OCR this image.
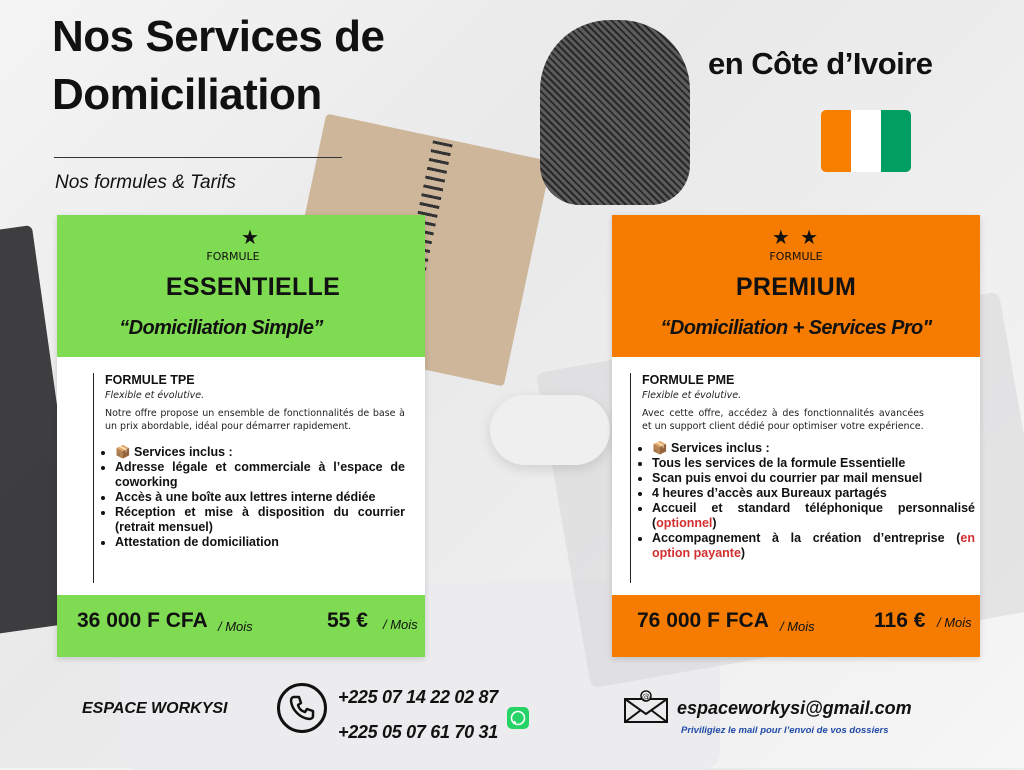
Nos Services de
Domiciliation
Nos formules & Tarifs
en Côte d’Ivoire
★
FORMULE
ESSENTIELLE
“Domiciliation Simple”

FORMULE TPE

Flexible et évolutive.

Notre offre propose un ensemble de fonctionnalités de base à un prix abordable, idéal pour démarrer rapidement.

• 📦 Services inclus :
• Adresse légale et commerciale à l’espace de coworking
• Accès à une boîte aux lettres interne dédiée
• Réception et mise à disposition du courrier (retrait mensuel)
• Attestation de domiciliation
36 000 F CFA / Mois	55 € / Mois
★ ★
FORMULE
PREMIUM
“Domiciliation + Services Pro"

FORMULE PME

Flexible et évolutive.

Avec cette offre, accédez à des fonctionnalités avancées et un support client dédié pour optimiser votre expérience.

• 📦 Services inclus :
• Tous les services de la formule Essentielle
• Scan puis envoi du courrier par mail mensuel
• 4 heures d’accès aux Bureaux partagés
• Accueil et standard téléphonique personnalisé (optionnel)
• Accompagnement à la création d’entreprise (en option payante)
76 000 F FCA / Mois	116 € / Mois
ESPACE WORKYSI
+225 07 14 22 02 87
+225 05 07 61 70 31
@
espaceworkysi@gmail.com
Priviligiez le mail pour l’envoi de vos dossiers
